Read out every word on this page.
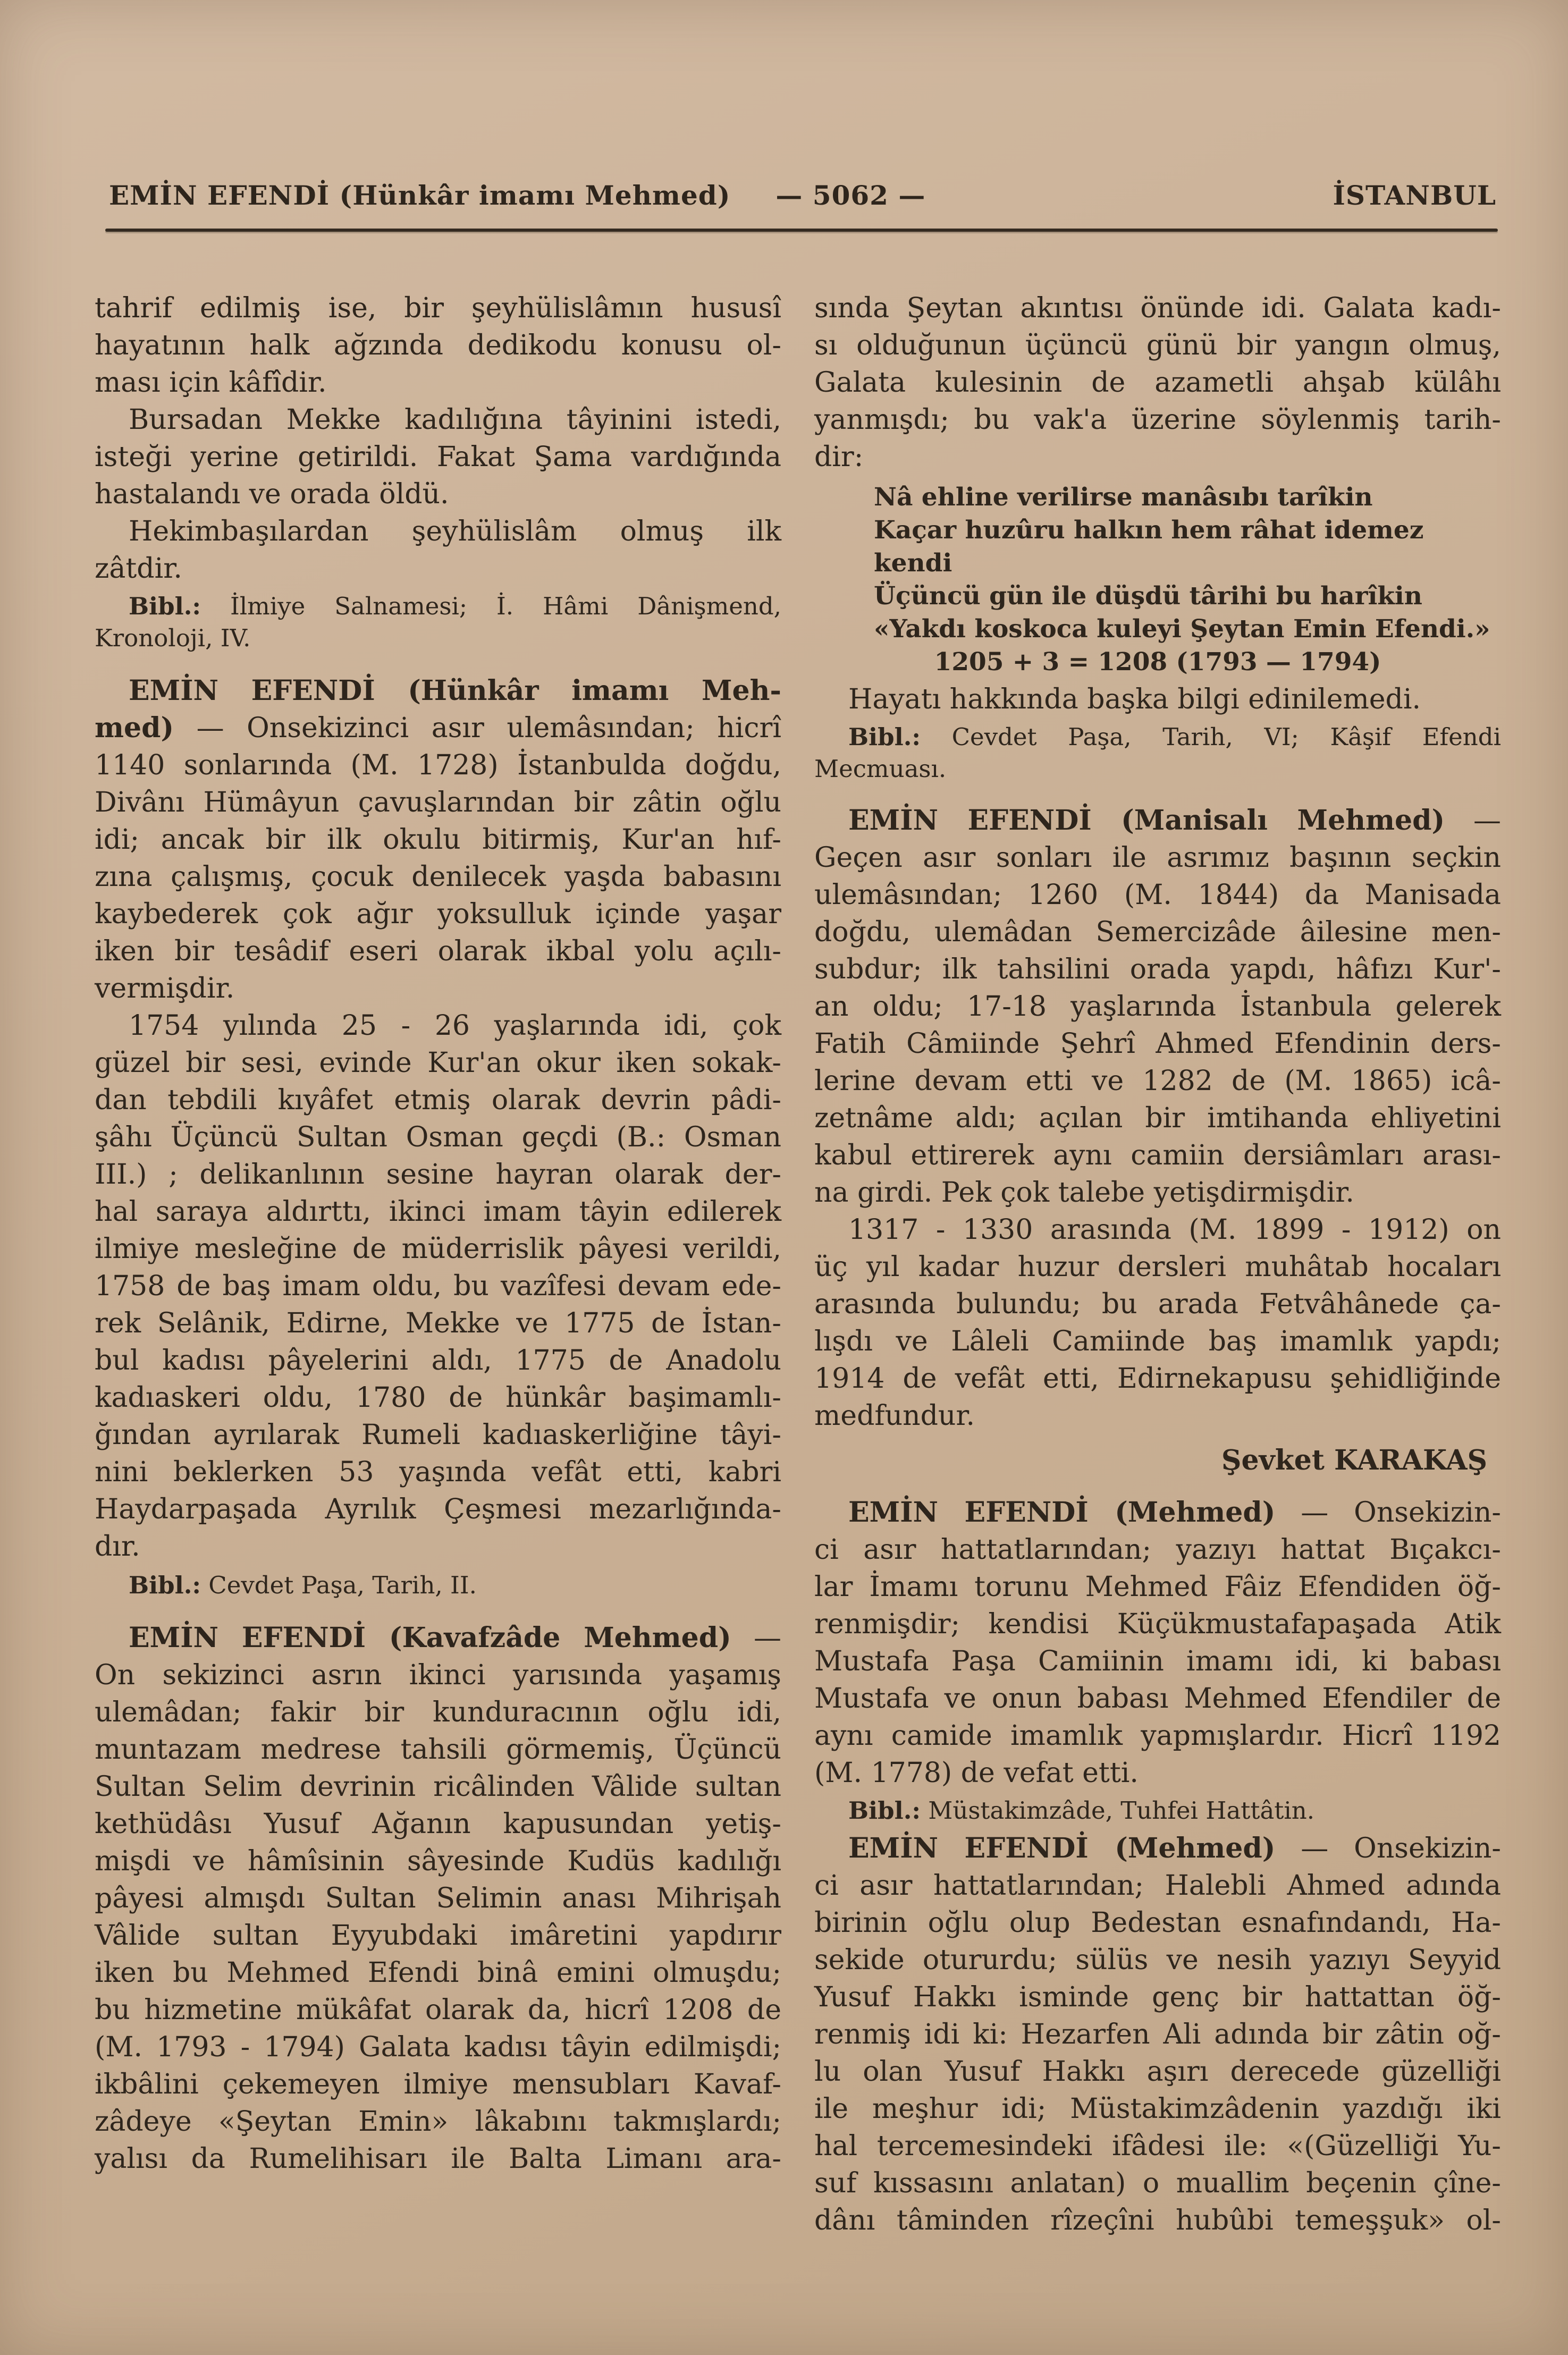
EMİN EFENDİ (Hünkâr imamı Mehmed) — 5062 —	İSTANBUL
tahrif edilmiş ise, bir şeyhülislâmın hususî
hayatının halk ağzında dedikodu konusu ol-
ması için kâfîdir.
Bursadan Mekke kadılığına tâyinini istedi,
isteği yerine getirildi. Fakat Şama vardığında
hastalandı ve orada öldü.
Hekimbaşılardan şeyhülislâm olmuş ilk
zâtdir.
Bibl.: İlmiye Salnamesi; İ. Hâmi Dânişmend,
Kronoloji, IV.
EMİN EFENDİ (Hünkâr imamı Meh-
med) — Onsekizinci asır ulemâsından; hicrî
1140 sonlarında (M. 1728) İstanbulda doğdu,
Divânı Hümâyun çavuşlarından bir zâtin oğlu
idi; ancak bir ilk okulu bitirmiş, Kur'an hıf-
zına çalışmış, çocuk denilecek yaşda babasını
kaybederek çok ağır yoksulluk içinde yaşar
iken bir tesâdif eseri olarak ikbal yolu açılı-
vermişdir.
1754 yılında 25 - 26 yaşlarında idi, çok
güzel bir sesi, evinde Kur'an okur iken sokak-
dan tebdili kıyâfet etmiş olarak devrin pâdi-
şâhı Üçüncü Sultan Osman geçdi (B.: Osman
III.) ; delikanlının sesine hayran olarak der-
hal saraya aldırttı, ikinci imam tâyin edilerek
ilmiye mesleğine de müderrislik pâyesi verildi,
1758 de baş imam oldu, bu vazîfesi devam ede-
rek Selânik, Edirne, Mekke ve 1775 de İstan-
bul kadısı pâyelerini aldı, 1775 de Anadolu
kadıaskeri oldu, 1780 de hünkâr başimamlı-
ğından ayrılarak Rumeli kadıaskerliğine tâyi-
nini beklerken 53 yaşında vefât etti, kabri
Haydarpaşada Ayrılık Çeşmesi mezarlığında-
dır.
Bibl.: Cevdet Paşa, Tarih, II.
EMİN EFENDİ (Kavafzâde Mehmed) —
On sekizinci asrın ikinci yarısında yaşamış
ulemâdan; fakir bir kunduracının oğlu idi,
muntazam medrese tahsili görmemiş, Üçüncü
Sultan Selim devrinin ricâlinden Vâlide sultan
kethüdâsı Yusuf Ağanın kapusundan yetiş-
mişdi ve hâmîsinin sâyesinde Kudüs kadılığı
pâyesi almışdı Sultan Selimin anası Mihrişah
Vâlide sultan Eyyubdaki imâretini yapdırır
iken bu Mehmed Efendi binâ emini olmuşdu;
bu hizmetine mükâfat olarak da, hicrî 1208 de
(M. 1793 - 1794) Galata kadısı tâyin edilmişdi;
ikbâlini çekemeyen ilmiye mensubları Kavaf-
zâdeye «Şeytan Emin» lâkabını takmışlardı;
yalısı da Rumelihisarı ile Balta Limanı ara-
sında Şeytan akıntısı önünde idi. Galata kadı-
sı olduğunun üçüncü günü bir yangın olmuş,
Galata kulesinin de azametli ahşab külâhı
yanmışdı; bu vak'a üzerine söylenmiş tarih-
dir:
Nâ ehline verilirse manâsıbı tarîkin
Kaçar huzûru halkın hem râhat idemez kendi
Üçüncü gün ile düşdü târihi bu harîkin
«Yakdı koskoca kuleyi Şeytan Emin Efendi.»
1205 + 3 = 1208 (1793 — 1794)
Hayatı hakkında başka bilgi edinilemedi.
Bibl.: Cevdet Paşa, Tarih, VI; Kâşif Efendi
Mecmuası.
EMİN EFENDİ (Manisalı Mehmed) —
Geçen asır sonları ile asrımız başının seçkin
ulemâsından; 1260 (M. 1844) da Manisada
doğdu, ulemâdan Semercizâde âilesine men-
subdur; ilk tahsilini orada yapdı, hâfızı Kur'-
an oldu; 17-18 yaşlarında İstanbula gelerek
Fatih Câmiinde Şehrî Ahmed Efendinin ders-
lerine devam etti ve 1282 de (M. 1865) icâ-
zetnâme aldı; açılan bir imtihanda ehliyetini
kabul ettirerek aynı camiin dersiâmları arası-
na girdi. Pek çok talebe yetişdirmişdir.
1317 - 1330 arasında (M. 1899 - 1912) on
üç yıl kadar huzur dersleri muhâtab hocaları
arasında bulundu; bu arada Fetvâhânede ça-
lışdı ve Lâleli Camiinde baş imamlık yapdı;
1914 de vefât etti, Edirnekapusu şehidliğinde
medfundur.
Şevket KARAKAŞ
EMİN EFENDİ (Mehmed) — Onsekizin-
ci asır hattatlarından; yazıyı hattat Bıçakcı-
lar İmamı torunu Mehmed Fâiz Efendiden öğ-
renmişdir; kendisi Küçükmustafapaşada Atik
Mustafa Paşa Camiinin imamı idi, ki babası
Mustafa ve onun babası Mehmed Efendiler de
aynı camide imamlık yapmışlardır. Hicrî 1192
(M. 1778) de vefat etti.
Bibl.: Müstakimzâde, Tuhfei Hattâtin.
EMİN EFENDİ (Mehmed) — Onsekizin-
ci asır hattatlarından; Halebli Ahmed adında
birinin oğlu olup Bedestan esnafındandı, Ha-
sekide otururdu; sülüs ve nesih yazıyı Seyyid
Yusuf Hakkı isminde genç bir hattattan öğ-
renmiş idi ki: Hezarfen Ali adında bir zâtin oğ-
lu olan Yusuf Hakkı aşırı derecede güzelliği
ile meşhur idi; Müstakimzâdenin yazdığı iki
hal tercemesindeki ifâdesi ile: «(Güzelliği Yu-
suf kıssasını anlatan) o muallim beçenin çîne-
dânı tâminden rîzeçîni hubûbi temeşşuk» ol-
